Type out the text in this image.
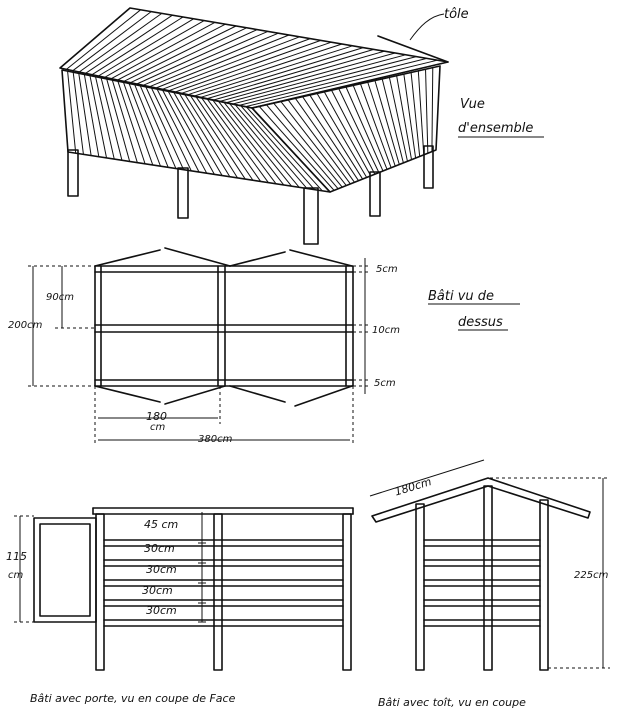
tôle
Vue
d'ensemble
5cm
10cm
5cm
90cm
200cm
180
cm
380cm
Bâti vu de
dessus
45 cm
30cm
30cm
30cm
30cm
115
cm
Bâti avec porte, vu en coupe de Face
180cm
225cm
Bâti avec toît, vu en coupe
